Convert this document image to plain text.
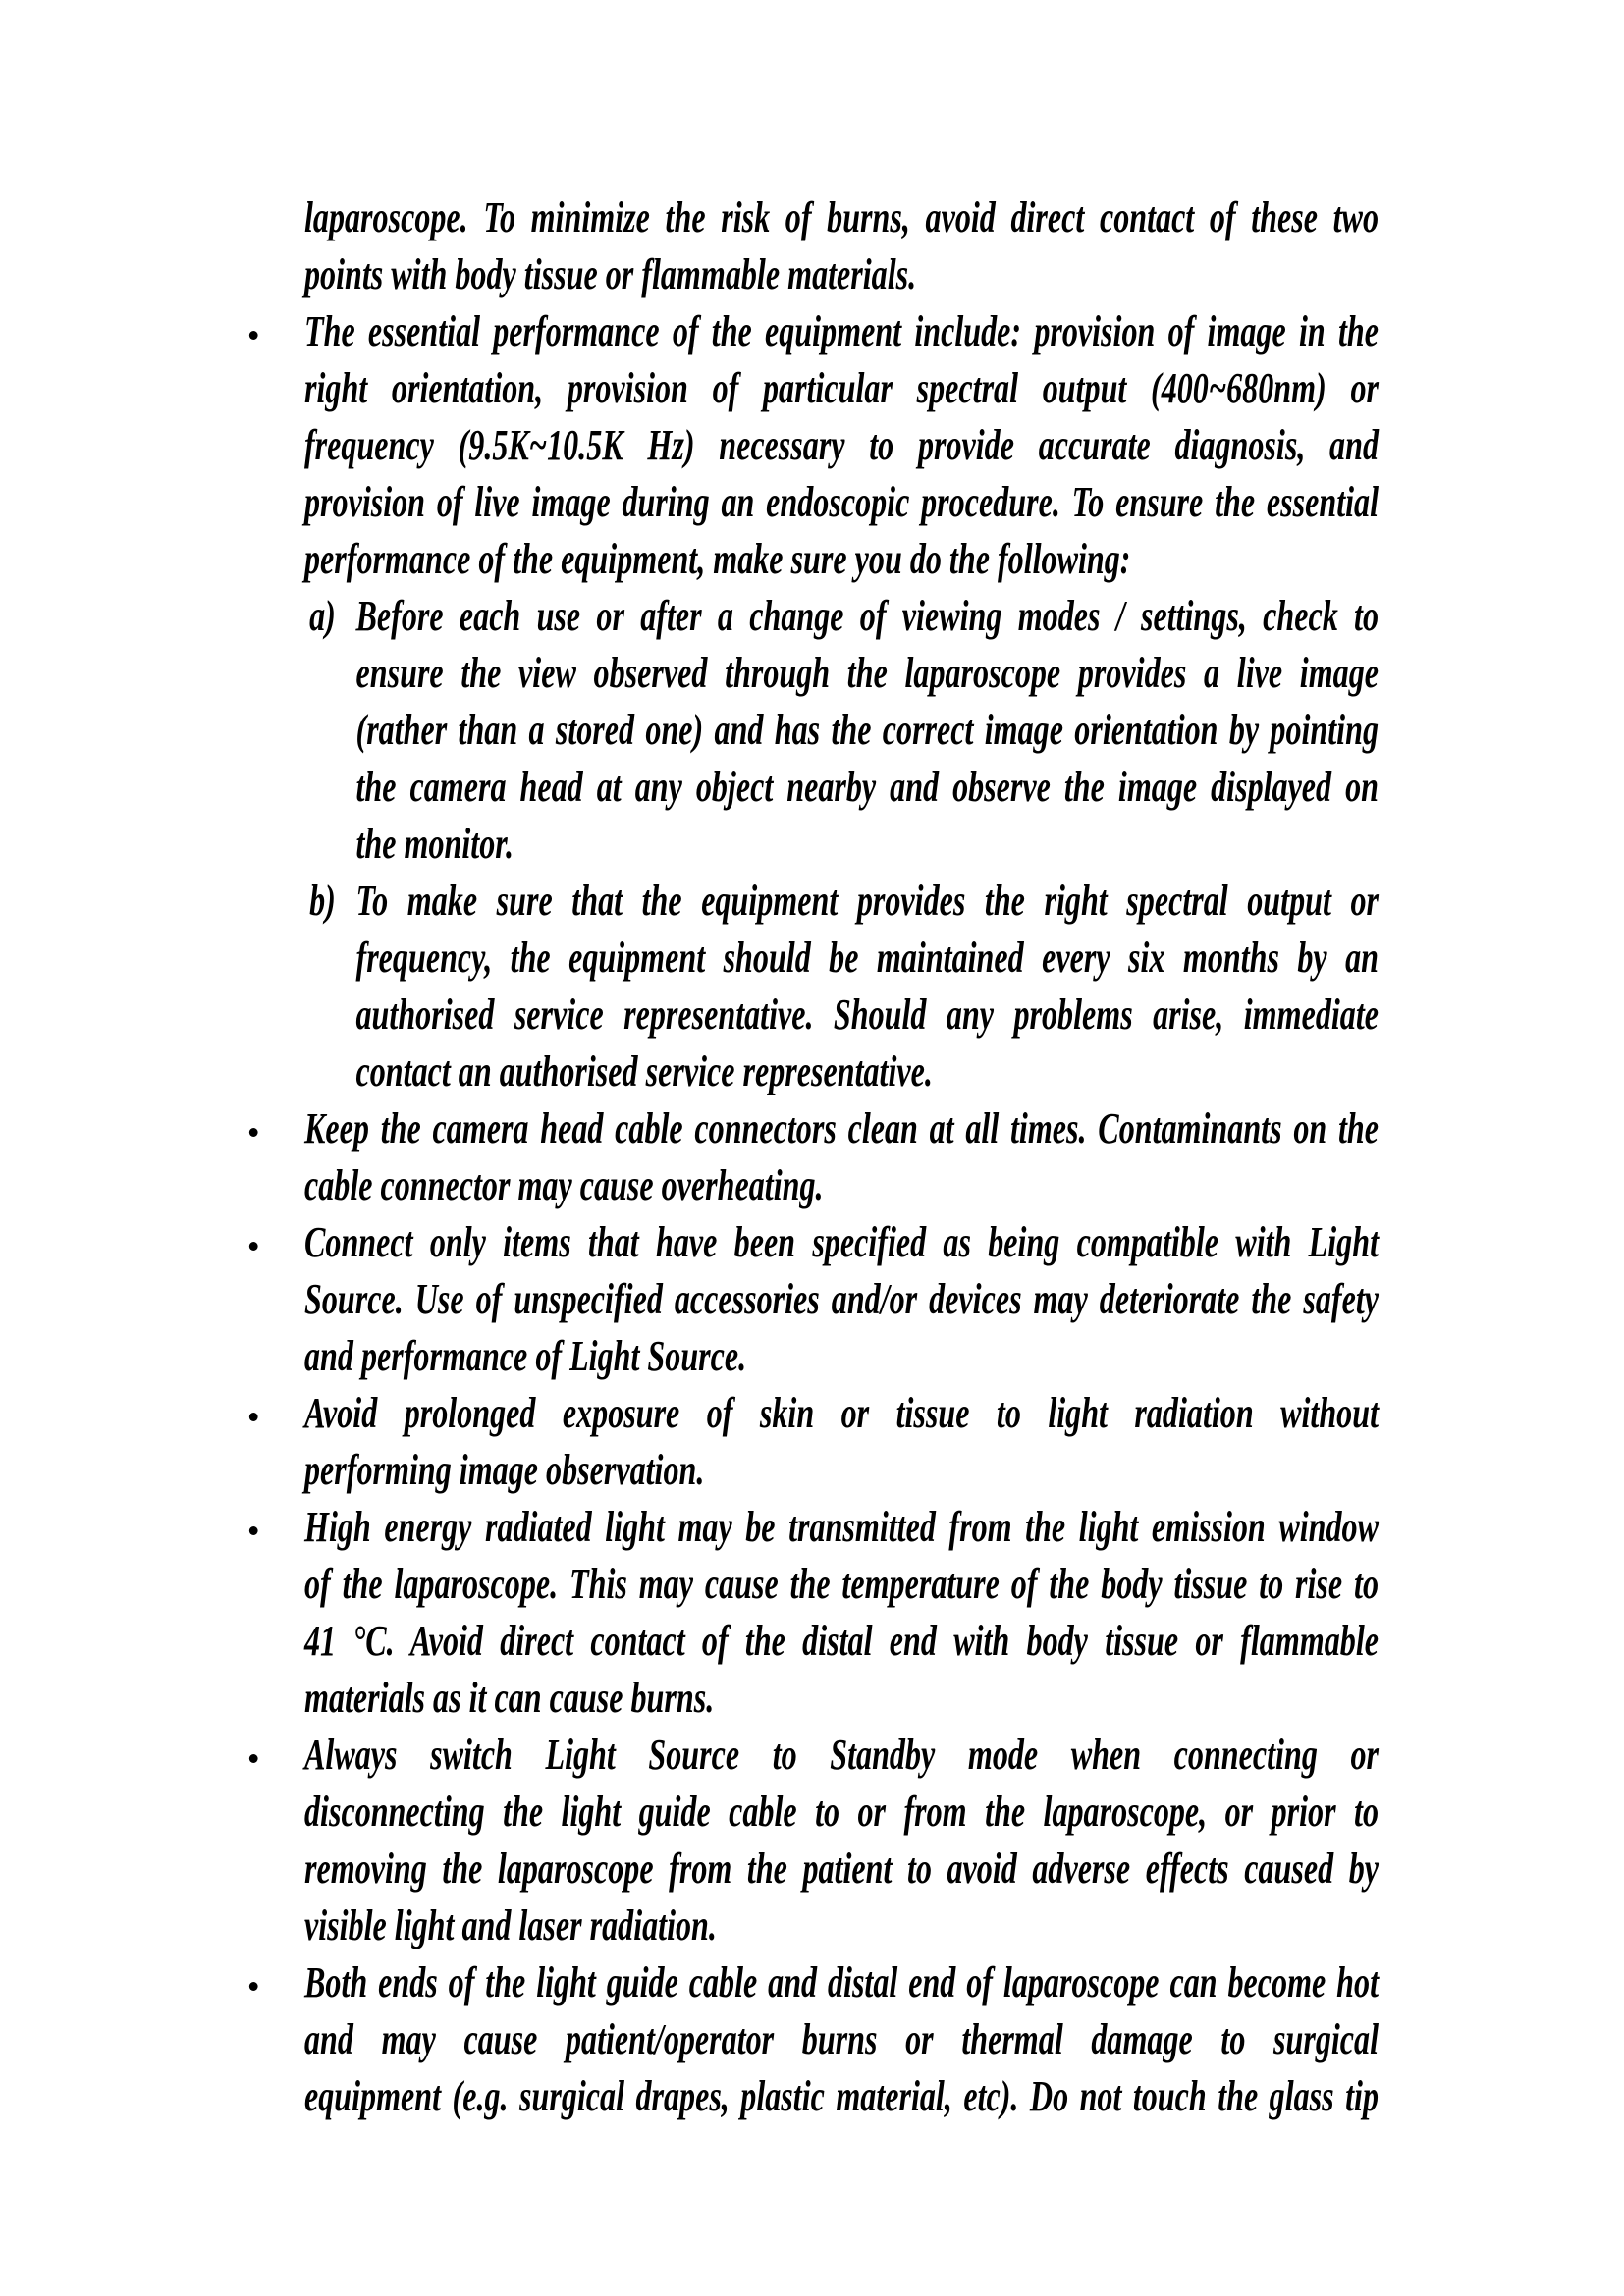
laparoscope. To minimize the risk of burns, avoid direct contact of these two
points with body tissue or flammable materials.
The essential performance of the equipment include: provision of image in the
right orientation, provision of particular spectral output (400~680nm) or
frequency (9.5K~10.5K Hz) necessary to provide accurate diagnosis, and
provision of live image during an endoscopic procedure. To ensure the essential
performance of the equipment, make sure you do the following:
a) Before each use or after a change of viewing modes / settings, check to
ensure the view observed through the laparoscope provides a live image
(rather than a stored one) and has the correct image orientation by pointing
the camera head at any object nearby and observe the image displayed on
the monitor.
b) To make sure that the equipment provides the right spectral output or
frequency, the equipment should be maintained every six months by an
authorised service representative. Should any problems arise, immediate
contact an authorised service representative.
Keep the camera head cable connectors clean at all times. Contaminants on the
cable connector may cause overheating.
Connect only items that have been specified as being compatible with Light
Source. Use of unspecified accessories and/or devices may deteriorate the safety
and performance of Light Source.
Avoid prolonged exposure of skin or tissue to light radiation without
performing image observation.
High energy radiated light may be transmitted from the light emission window
of the laparoscope. This may cause the temperature of the body tissue to rise to
41 °C. Avoid direct contact of the distal end with body tissue or flammable
materials as it can cause burns.
Always switch Light Source to Standby mode when connecting or
disconnecting the light guide cable to or from the laparoscope, or prior to
removing the laparoscope from the patient to avoid adverse effects caused by
visible light and laser radiation.
Both ends of the light guide cable and distal end of laparoscope can become hot
and may cause patient/operator burns or thermal damage to surgical
equipment (e.g. surgical drapes, plastic material, etc). Do not touch the glass tip
